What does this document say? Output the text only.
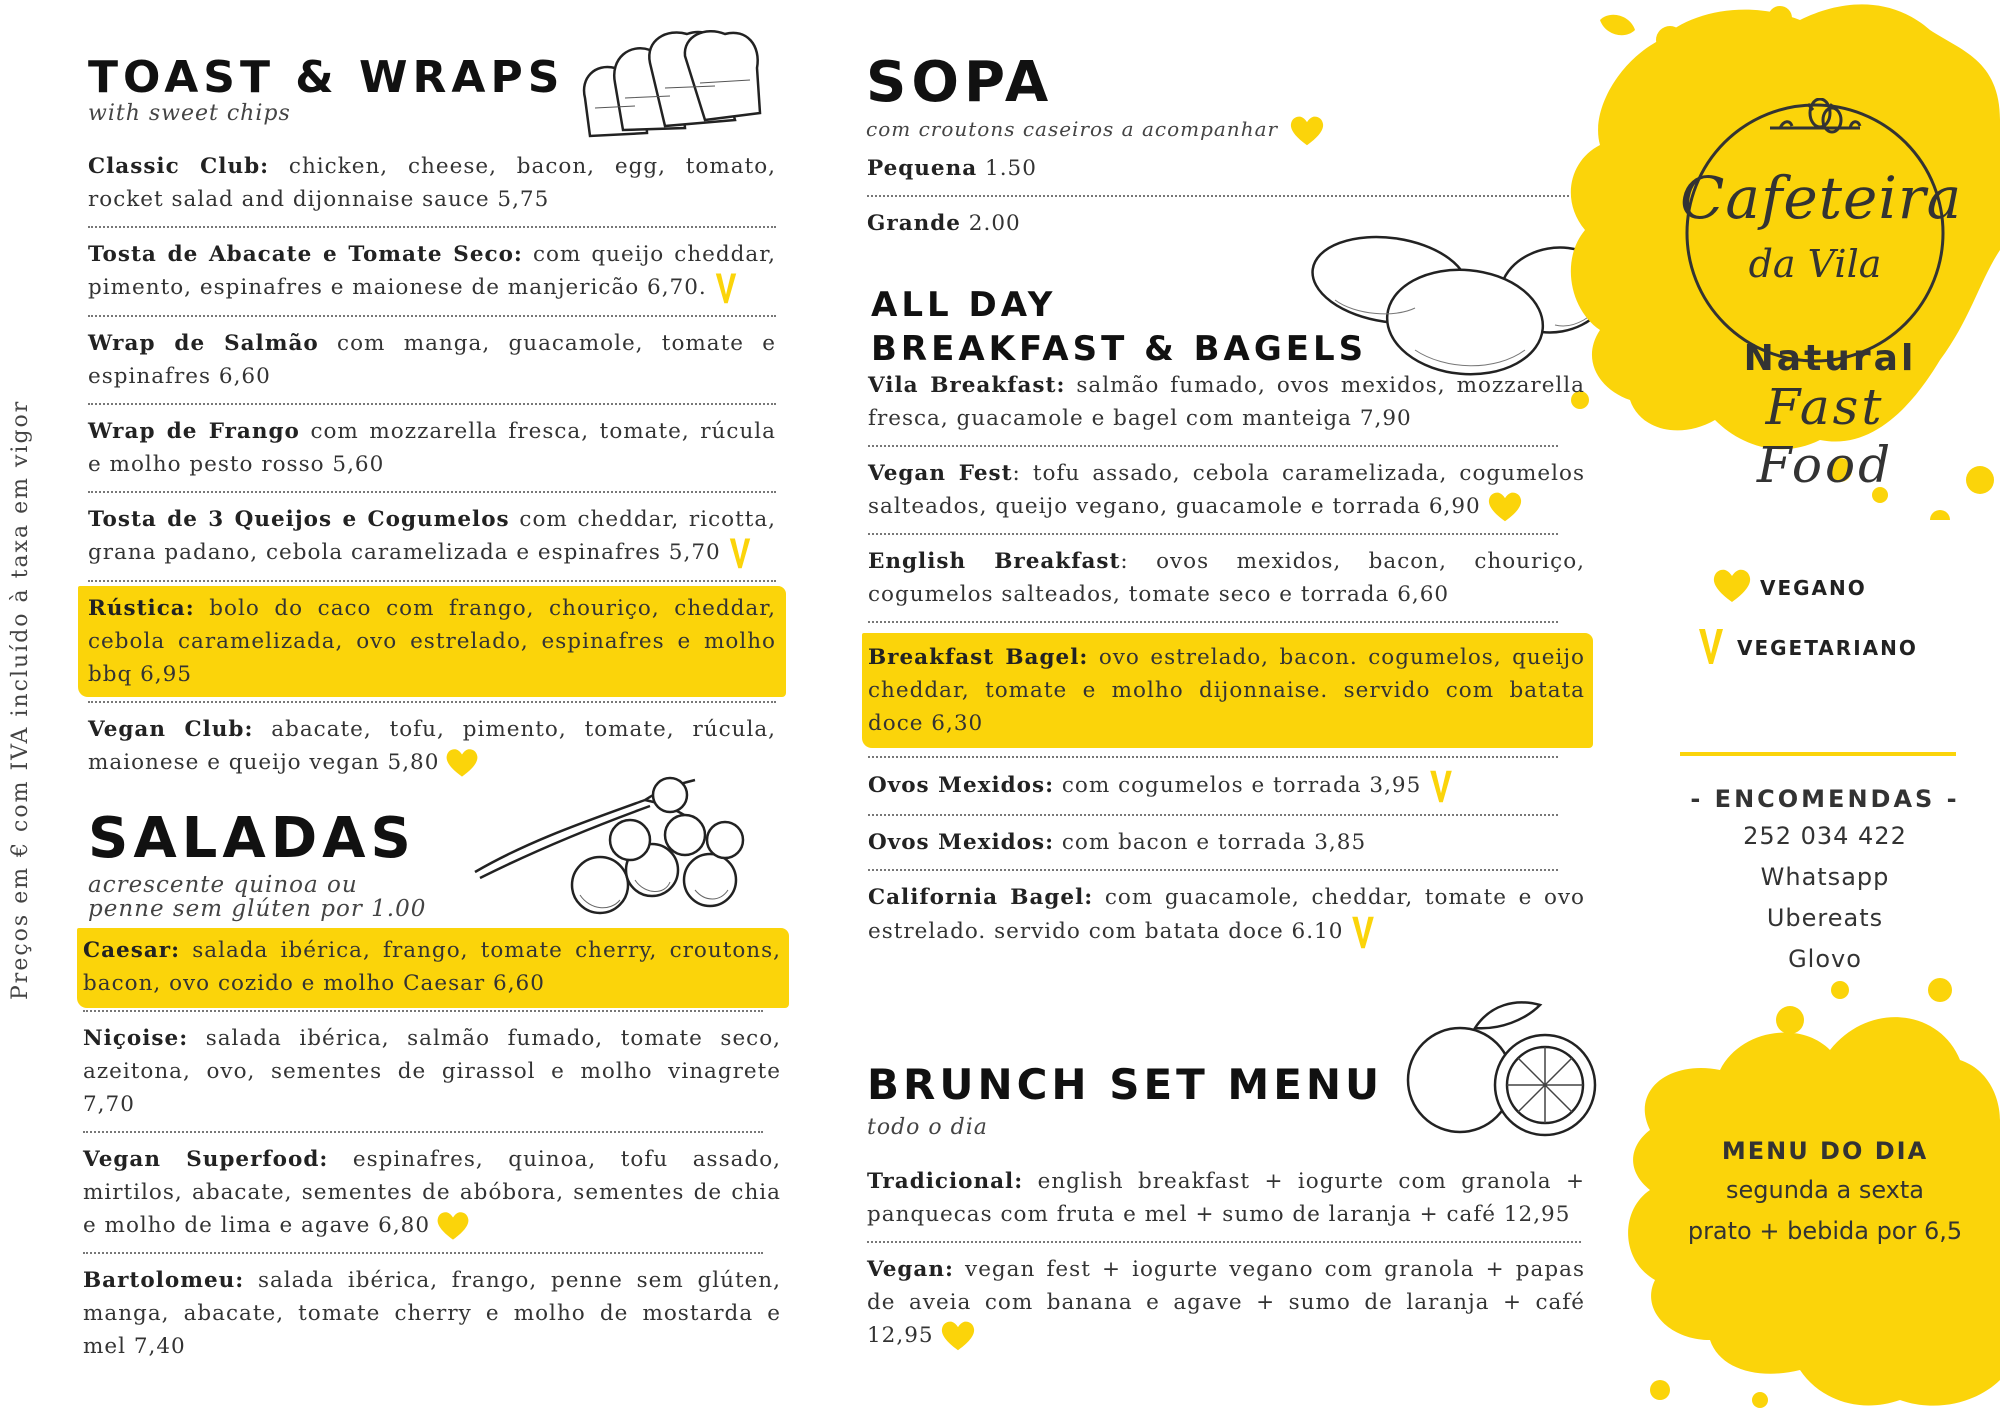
Preços em € com IVA incluído à taxa em vigor
TOAST & WRAPS
with sweet chips
Classic Club: chicken, cheese, bacon, egg, tomato, rocket salad and dijonnaise sauce 5,75
Tosta de Abacate e Tomate Seco: com queijo cheddar, pimento, espinafres e maionese de manjericão 6,70.
Wrap de Salmão com manga, guacamole, tomate e espinafres 6,60
Wrap de Frango com mozzarella fresca, tomate, rúcula e molho pesto rosso 5,60
Tosta de 3 Queijos e Cogumelos com cheddar, ricotta, grana padano, cebola caramelizada e espinafres 5,70
Rústica: bolo do caco com frango, chouriço, cheddar, cebola caramelizada, ovo estrelado, espinafres e molho bbq 6,95
Vegan Club: abacate, tofu, pimento, tomate, rúcula, maionese e queijo vegan 5,80
SALADAS
acrescente quinoa ou
penne sem glúten por 1.00
Caesar: salada ibérica, frango, tomate cherry, croutons, bacon, ovo cozido e molho Caesar 6,60
Niçoise: salada ibérica, salmão fumado, tomate seco, azeitona, ovo, sementes de girassol e molho vinagrete 7,70
Vegan Superfood: espinafres, quinoa, tofu assado, mirtilos, abacate, sementes de abóbora, sementes de chia e molho de lima e agave 6,80
Bartolomeu: salada ibérica, frango, penne sem glúten, manga, abacate, tomate cherry e molho de mostarda e mel 7,40
SOPA
com croutons caseiros a acompanhar
Pequena 1.50
Grande 2.00
ALL DAY
BREAKFAST & BAGELS
Vila Breakfast: salmão fumado, ovos mexidos, mozzarella fresca, guacamole e bagel com manteiga 7,90
Vegan Fest: tofu assado, cebola caramelizada, cogumelos salteados, queijo vegano, guacamole e torrada 6,90
English Breakfast: ovos mexidos, bacon, chouriço, cogumelos salteados, tomate seco e torrada 6,60
Breakfast Bagel: ovo estrelado, bacon. cogumelos, queijo cheddar, tomate e molho dijonnaise. servido com batata doce 6,30
Ovos Mexidos: com cogumelos e torrada 3,95
Ovos Mexidos: com bacon e torrada 3,85
California Bagel: com guacamole, cheddar, tomate e ovo estrelado. servido com batata doce 6.10
BRUNCH SET MENU
todo o dia
Tradicional: english breakfast + iogurte com granola + panquecas com fruta e mel + sumo de laranja + café 12,95
Vegan: vegan fest + iogurte vegano com granola + papas de aveia com banana e agave + sumo de laranja + café 12,95
Cafeteira
da Vila
Natural
Fast Food
VEGANO
VEGETARIANO
- ENCOMENDAS -
252 034 422
Whatsapp
Ubereats
Glovo
MENU DO DIA
segunda a sexta
prato + bebida por 6,5
